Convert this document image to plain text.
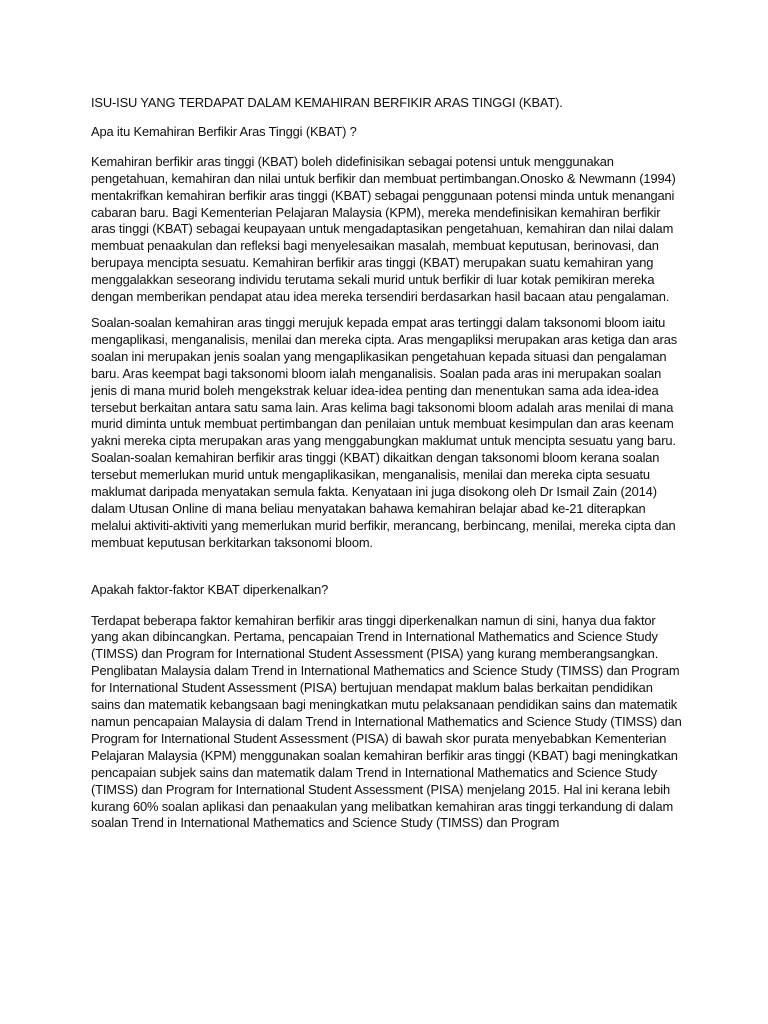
ISU-ISU YANG TERDAPAT DALAM KEMAHIRAN BERFIKIR ARAS TINGGI (KBAT).

Apa itu Kemahiran Berfikir Aras Tinggi (KBAT) ?

Kemahiran berfikir aras tinggi (KBAT) boleh didefinisikan sebagai potensi untuk menggunakan pengetahuan, kemahiran dan nilai untuk berfikir dan membuat pertimbangan.Onosko & Newmann (1994) mentakrifkan kemahiran berfikir aras tinggi (KBAT) sebagai penggunaan potensi minda untuk menangani cabaran baru. Bagi Kementerian Pelajaran Malaysia (KPM), mereka mendefinisikan kemahiran berfikir aras tinggi (KBAT) sebagai keupayaan untuk mengadaptasikan pengetahuan, kemahiran dan nilai dalam membuat penaakulan dan refleksi bagi menyelesaikan masalah, membuat keputusan, berinovasi, dan berupaya mencipta sesuatu. Kemahiran berfikir aras tinggi (KBAT) merupakan suatu kemahiran yang menggalakkan seseorang individu terutama sekali murid untuk berfikir di luar kotak pemikiran mereka dengan memberikan pendapat atau idea mereka tersendiri berdasarkan hasil bacaan atau pengalaman.

Soalan-soalan kemahiran aras tinggi merujuk kepada empat aras tertinggi dalam taksonomi bloom iaitu mengaplikasi, menganalisis, menilai dan mereka cipta. Aras mengapliksi merupakan aras ketiga dan aras soalan ini merupakan jenis soalan yang mengaplikasikan pengetahuan kepada situasi dan pengalaman baru. Aras keempat bagi taksonomi bloom ialah menganalisis. Soalan pada aras ini merupakan soalan jenis di mana murid boleh mengekstrak keluar idea-idea penting dan menentukan sama ada idea-idea tersebut berkaitan antara satu sama lain. Aras kelima bagi taksonomi bloom adalah aras menilai di mana murid diminta untuk membuat pertimbangan dan penilaian untuk membuat kesimpulan dan aras keenam yakni mereka cipta merupakan aras yang menggabungkan maklumat untuk mencipta sesuatu yang baru. Soalan-soalan kemahiran berfikir aras tinggi (KBAT) dikaitkan dengan taksonomi bloom kerana soalan tersebut memerlukan murid untuk mengaplikasikan, menganalisis, menilai dan mereka cipta sesuatu maklumat daripada menyatakan semula fakta. Kenyataan ini juga disokong oleh Dr Ismail Zain (2014) dalam Utusan Online di mana beliau menyatakan bahawa kemahiran belajar abad ke-21 diterapkan melalui aktiviti-aktiviti yang memerlukan murid berfikir, merancang, berbincang, menilai, mereka cipta dan membuat keputusan berkitarkan taksonomi bloom.

Apakah faktor-faktor KBAT diperkenalkan?

Terdapat beberapa faktor kemahiran berfikir aras tinggi diperkenalkan namun di sini, hanya dua faktor yang akan dibincangkan. Pertama, pencapaian Trend in International Mathematics and Science Study (TIMSS) dan Program for International Student Assessment (PISA) yang kurang memberangsangkan. Penglibatan Malaysia dalam Trend in International Mathematics and Science Study (TIMSS) dan Program for International Student Assessment (PISA) bertujuan mendapat maklum balas berkaitan pendidikan sains dan matematik kebangsaan bagi meningkatkan mutu pelaksanaan pendidikan sains dan matematik namun pencapaian Malaysia di dalam Trend in International Mathematics and Science Study (TIMSS) dan Program for International Student Assessment (PISA) di bawah skor purata menyebabkan Kementerian Pelajaran Malaysia (KPM) menggunakan soalan kemahiran berfikir aras tinggi (KBAT) bagi meningkatkan pencapaian subjek sains dan matematik dalam Trend in International Mathematics and Science Study (TIMSS) dan Program for International Student Assessment (PISA) menjelang 2015. Hal ini kerana lebih kurang 60% soalan aplikasi dan penaakulan yang melibatkan kemahiran aras tinggi terkandung di dalam soalan Trend in International Mathematics and Science Study (TIMSS) dan Program
